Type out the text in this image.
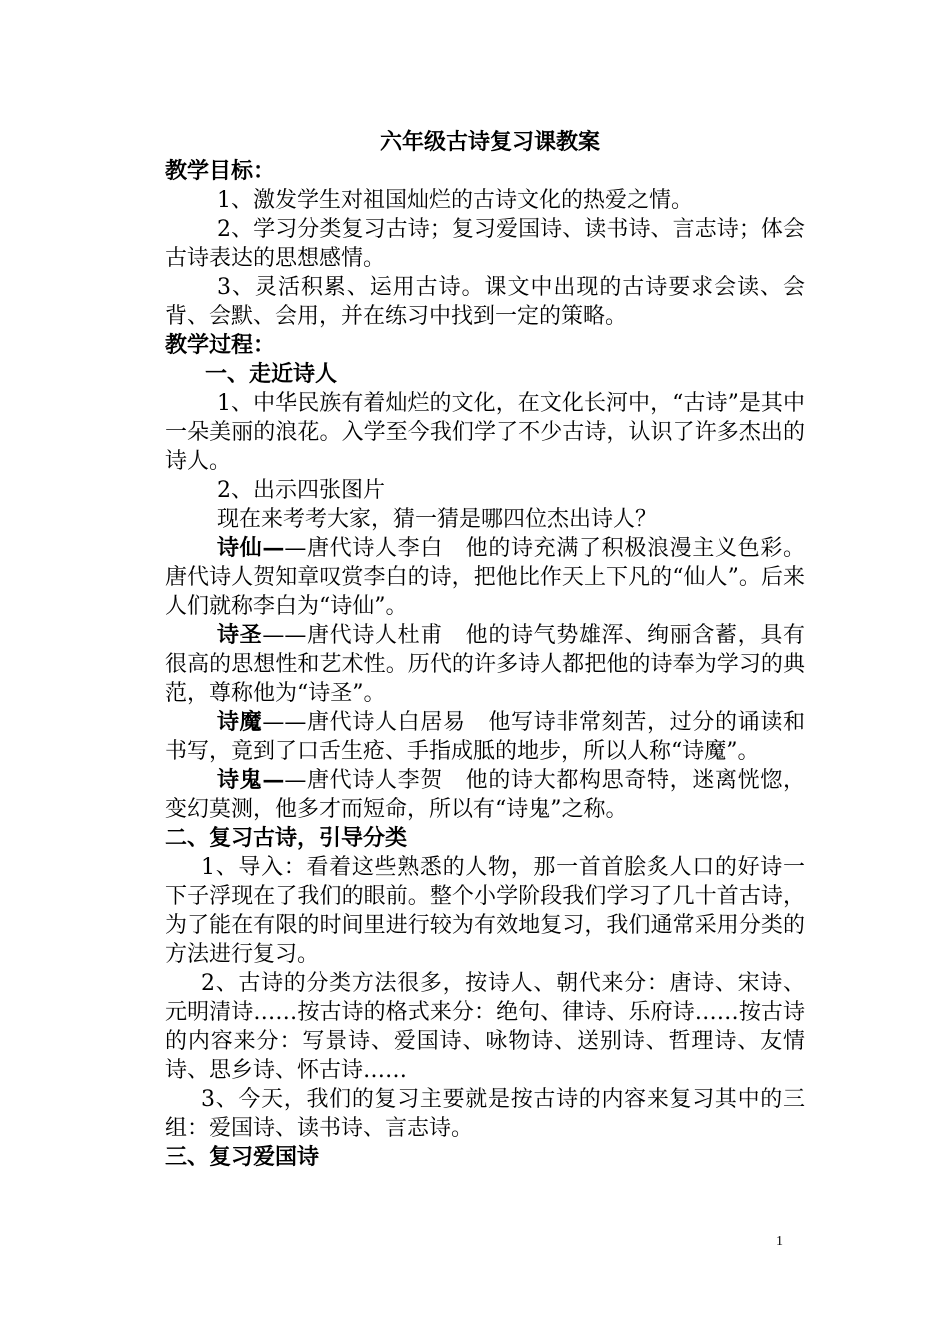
六年级古诗复习课教案

教学目标：

1、激发学生对祖国灿烂的古诗文化的热爱之情。

2、学习分类复习古诗；复习爱国诗、读书诗、言志诗；体会古诗表达的思想感情。

3、灵活积累、运用古诗。课文中出现的古诗要求会读、会背、会默、会用，并在练习中找到一定的策略。

教学过程：

一、走近诗人

1、中华民族有着灿烂的文化，在文化长河中，“古诗”是其中一朵美丽的浪花。入学至今我们学了不少古诗，认识了许多杰出的诗人。

2、出示四张图片

现在来考考大家，猜一猜是哪四位杰出诗人？

诗仙——唐代诗人李白　他的诗充满了积极浪漫主义色彩。唐代诗人贺知章叹赏李白的诗，把他比作天上下凡的“仙人”。后来人们就称李白为“诗仙”。

诗圣——唐代诗人杜甫　他的诗气势雄浑、绚丽含蓄，具有很高的思想性和艺术性。历代的许多诗人都把他的诗奉为学习的典范，尊称他为“诗圣”。

诗魔——唐代诗人白居易　他写诗非常刻苦，过分的诵读和书写，竟到了口舌生疮、手指成胝的地步，所以人称“诗魔”。

诗鬼——唐代诗人李贺　他的诗大都构思奇特，迷离恍惚，变幻莫测，他多才而短命，所以有“诗鬼”之称。

二、复习古诗，引导分类

1、导入：看着这些熟悉的人物，那一首首脍炙人口的好诗一下子浮现在了我们的眼前。整个小学阶段我们学习了几十首古诗，为了能在有限的时间里进行较为有效地复习，我们通常采用分类的方法进行复习。

2、古诗的分类方法很多，按诗人、朝代来分：唐诗、宋诗、元明清诗……按古诗的格式来分：绝句、律诗、乐府诗……按古诗的内容来分：写景诗、爱国诗、咏物诗、送别诗、哲理诗、友情诗、思乡诗、怀古诗……

3、今天，我们的复习主要就是按古诗的内容来复习其中的三组：爱国诗、读书诗、言志诗。

三、复习爱国诗

1
